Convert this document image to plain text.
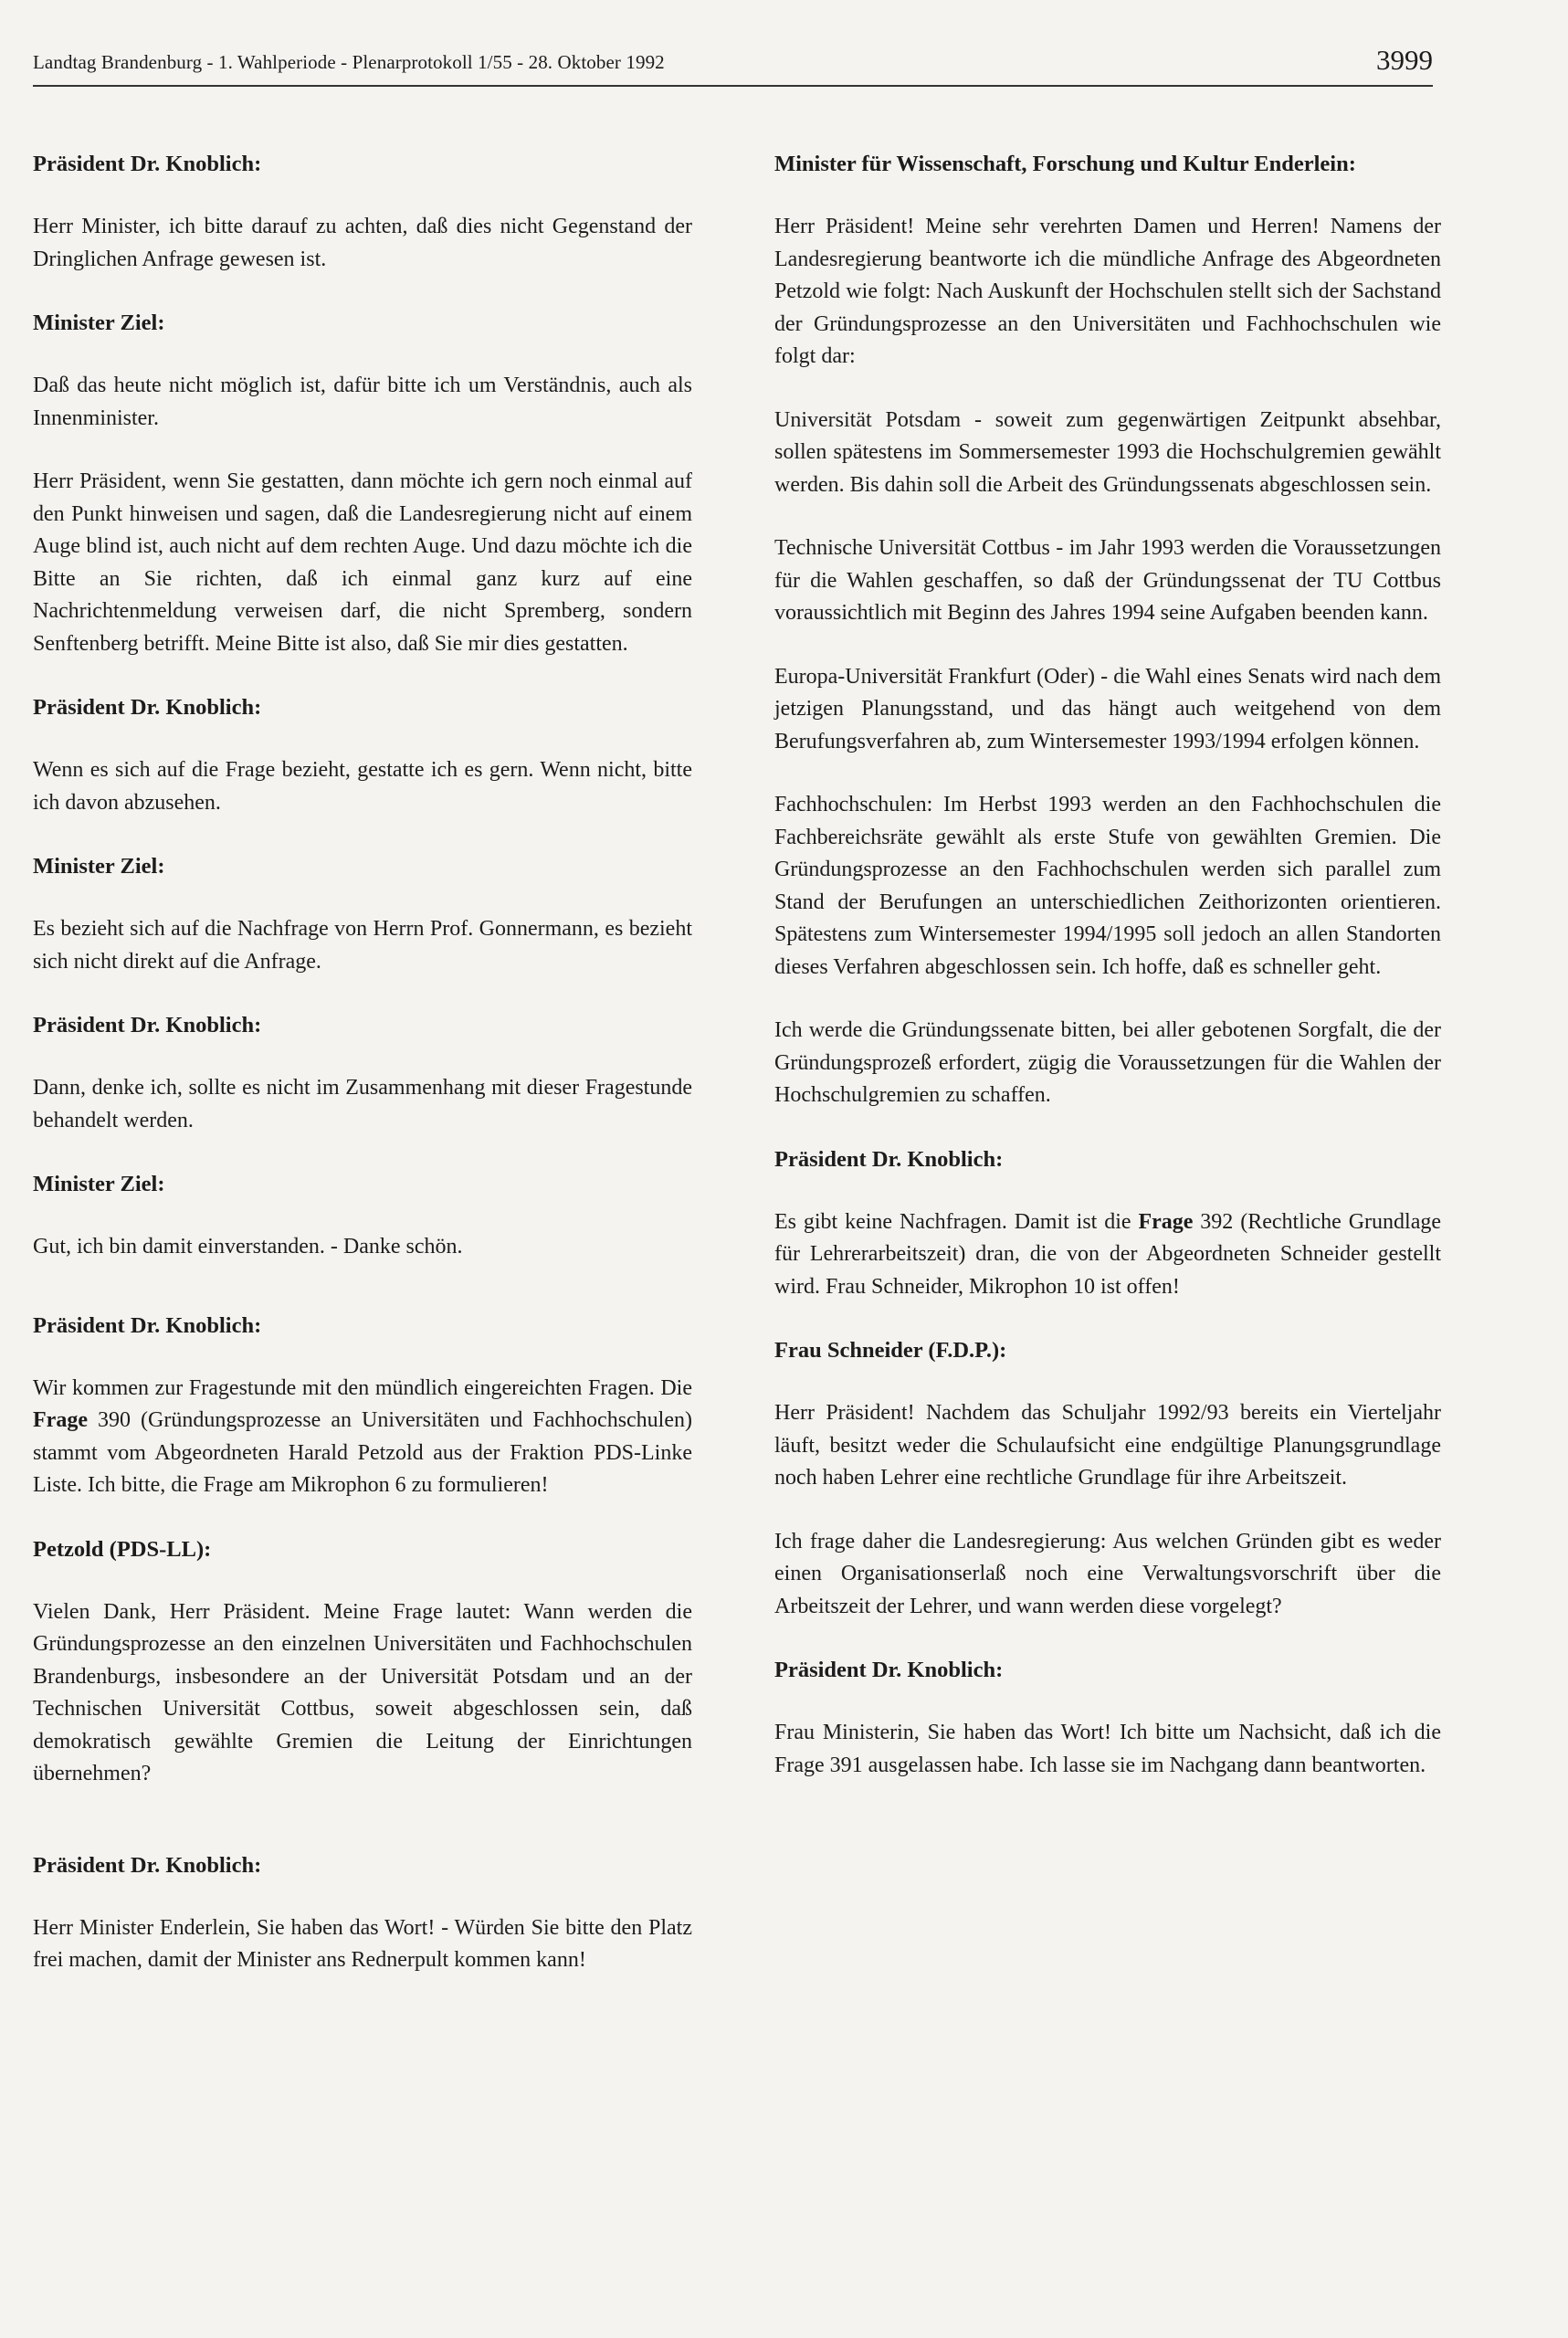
Landtag Brandenburg - 1. Wahlperiode - Plenarprotokoll 1/55 - 28. Oktober 1992	3999

Präsident Dr. Knoblich:

Herr Minister, ich bitte darauf zu achten, daß dies nicht Gegenstand der Dringlichen Anfrage gewesen ist.

Minister Ziel:

Daß das heute nicht möglich ist, dafür bitte ich um Verständnis, auch als Innenminister.

Herr Präsident, wenn Sie gestatten, dann möchte ich gern noch einmal auf den Punkt hinweisen und sagen, daß die Landesregierung nicht auf einem Auge blind ist, auch nicht auf dem rechten Auge. Und dazu möchte ich die Bitte an Sie richten, daß ich einmal ganz kurz auf eine Nachrichtenmeldung verweisen darf, die nicht Spremberg, sondern Senftenberg betrifft. Meine Bitte ist also, daß Sie mir dies gestatten.

Präsident Dr. Knoblich:

Wenn es sich auf die Frage bezieht, gestatte ich es gern. Wenn nicht, bitte ich davon abzusehen.

Minister Ziel:

Es bezieht sich auf die Nachfrage von Herrn Prof. Gonnermann, es bezieht sich nicht direkt auf die Anfrage.

Präsident Dr. Knoblich:

Dann, denke ich, sollte es nicht im Zusammenhang mit dieser Fragestunde behandelt werden.

Minister Ziel:

Gut, ich bin damit einverstanden. - Danke schön.

Präsident Dr. Knoblich:

Wir kommen zur Fragestunde mit den mündlich eingereichten Fragen. Die Frage 390 (Gründungsprozesse an Universitäten und Fachhochschulen) stammt vom Abgeordneten Harald Petzold aus der Fraktion PDS-Linke Liste. Ich bitte, die Frage am Mikrophon 6 zu formulieren!

Petzold (PDS-LL):

Vielen Dank, Herr Präsident. Meine Frage lautet: Wann werden die Gründungsprozesse an den einzelnen Universitäten und Fachhochschulen Brandenburgs, insbesondere an der Universität Potsdam und an der Technischen Universität Cottbus, soweit abgeschlossen sein, daß demokratisch gewählte Gremien die Leitung der Einrichtungen übernehmen?

Präsident Dr. Knoblich:

Herr Minister Enderlein, Sie haben das Wort! - Würden Sie bitte den Platz frei machen, damit der Minister ans Rednerpult kommen kann!

Minister für Wissenschaft, Forschung und Kultur Enderlein:

Herr Präsident! Meine sehr verehrten Damen und Herren! Namens der Landesregierung beantworte ich die mündliche Anfrage des Abgeordneten Petzold wie folgt: Nach Auskunft der Hochschulen stellt sich der Sachstand der Gründungsprozesse an den Universitäten und Fachhochschulen wie folgt dar:

Universität Potsdam - soweit zum gegenwärtigen Zeitpunkt absehbar, sollen spätestens im Sommersemester 1993 die Hochschulgremien gewählt werden. Bis dahin soll die Arbeit des Gründungssenats abgeschlossen sein.

Technische Universität Cottbus - im Jahr 1993 werden die Voraussetzungen für die Wahlen geschaffen, so daß der Gründungssenat der TU Cottbus voraussichtlich mit Beginn des Jahres 1994 seine Aufgaben beenden kann.

Europa-Universität Frankfurt (Oder) - die Wahl eines Senats wird nach dem jetzigen Planungsstand, und das hängt auch weitgehend von dem Berufungsverfahren ab, zum Wintersemester 1993/1994 erfolgen können.

Fachhochschulen: Im Herbst 1993 werden an den Fachhochschulen die Fachbereichsräte gewählt als erste Stufe von gewählten Gremien. Die Gründungsprozesse an den Fachhochschulen werden sich parallel zum Stand der Berufungen an unterschiedlichen Zeithorizonten orientieren. Spätestens zum Wintersemester 1994/1995 soll jedoch an allen Standorten dieses Verfahren abgeschlossen sein. Ich hoffe, daß es schneller geht.

Ich werde die Gründungssenate bitten, bei aller gebotenen Sorgfalt, die der Gründungsprozeß erfordert, zügig die Voraussetzungen für die Wahlen der Hochschulgremien zu schaffen.

Präsident Dr. Knoblich:

Es gibt keine Nachfragen. Damit ist die Frage 392 (Rechtliche Grundlage für Lehrerarbeitszeit) dran, die von der Abgeordneten Schneider gestellt wird. Frau Schneider, Mikrophon 10 ist offen!

Frau Schneider (F.D.P.):

Herr Präsident! Nachdem das Schuljahr 1992/93 bereits ein Vierteljahr läuft, besitzt weder die Schulaufsicht eine endgültige Planungsgrundlage noch haben Lehrer eine rechtliche Grundlage für ihre Arbeitszeit.

Ich frage daher die Landesregierung: Aus welchen Gründen gibt es weder einen Organisationserlaß noch eine Verwaltungsvorschrift über die Arbeitszeit der Lehrer, und wann werden diese vorgelegt?

Präsident Dr. Knoblich:

Frau Ministerin, Sie haben das Wort! Ich bitte um Nachsicht, daß ich die Frage 391 ausgelassen habe. Ich lasse sie im Nachgang dann beantworten.
